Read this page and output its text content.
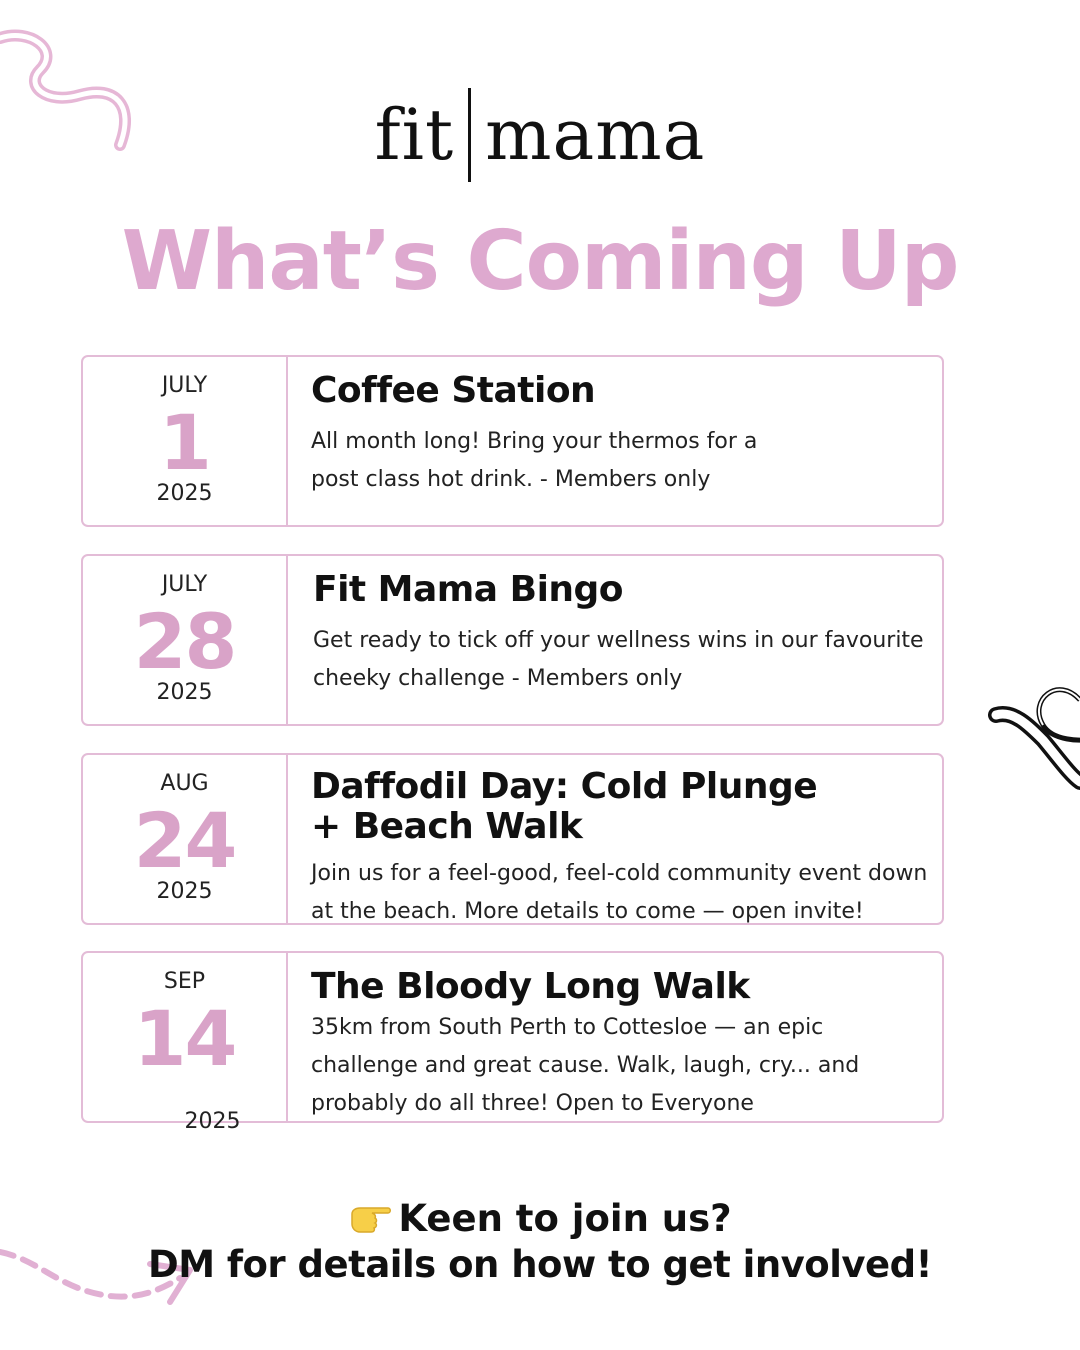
fit mama
What’s Coming Up
JULY
1
2025
Coffee Station

All month long! Bring your thermos for a post class hot drink. - Members only

JULY
28
2025
Fit Mama Bingo

Get ready to tick off your wellness wins in our favourite cheeky challenge - Members only

AUG
24
2025
Daffodil Day: Cold Plunge + Beach Walk

Join us for a feel-good, feel-cold community event down at the beach. More details to come — open invite!

SEP
14
2025
The Bloody Long Walk

35km from South Perth to Cottesloe — an epic challenge and great cause. Walk, laugh, cry... and probably do all three! Open to Everyone

Keen to join us?
DM for details on how to get involved!
